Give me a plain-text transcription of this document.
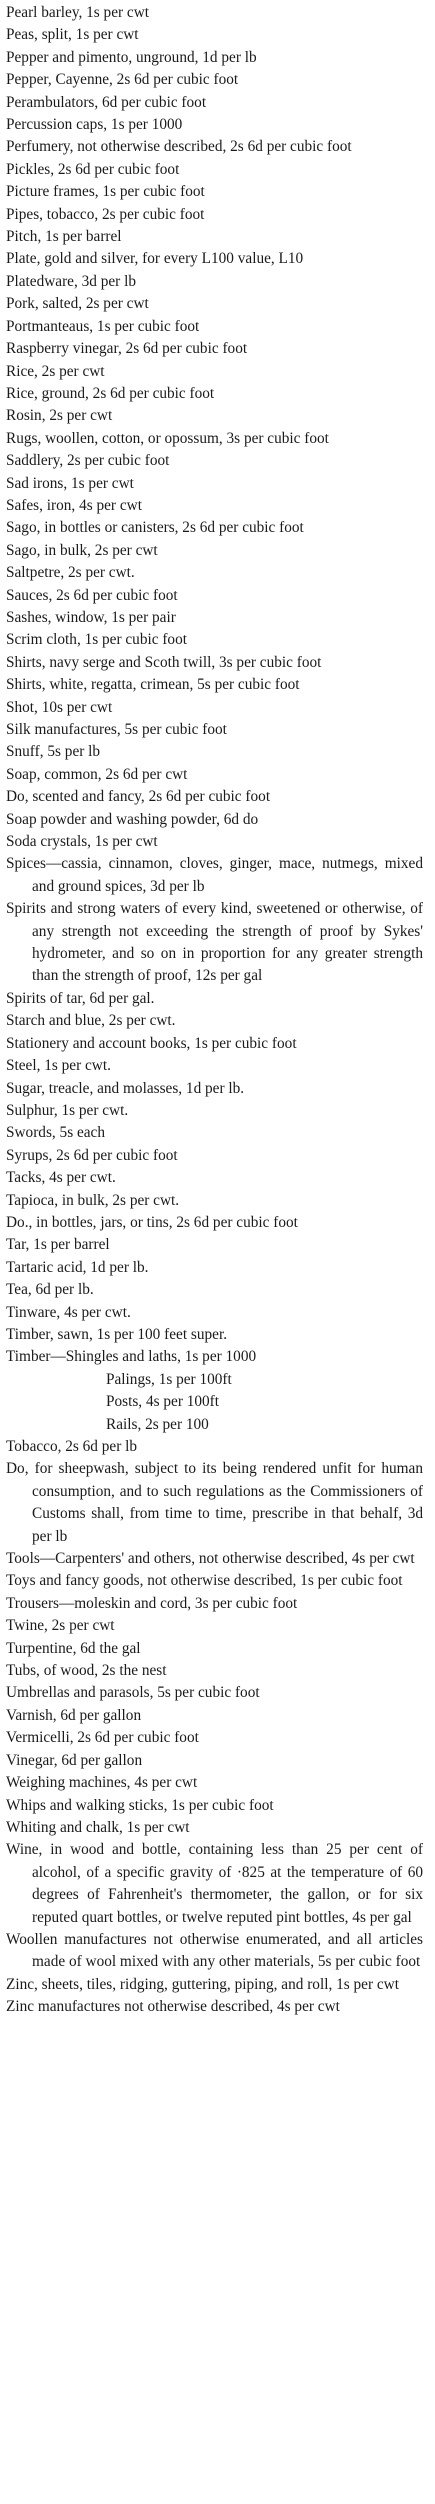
Pearl barley, 1s per cwt

Peas, split, 1s per cwt

Pepper and pimento, unground, 1d per lb

Pepper, Cayenne, 2s 6d per cubic foot

Perambulators, 6d per cubic foot

Percussion caps, 1s per 1000

Perfumery, not otherwise described, 2s 6d per cubic foot

Pickles, 2s 6d per cubic foot

Picture frames, 1s per cubic foot

Pipes, tobacco, 2s per cubic foot

Pitch, 1s per barrel

Plate, gold and silver, for every L100 value, L10

Platedware, 3d per lb

Pork, salted, 2s per cwt

Portmanteaus, 1s per cubic foot

Raspberry vinegar, 2s 6d per cubic foot

Rice, 2s per cwt

Rice, ground, 2s 6d per cubic foot

Rosin, 2s per cwt

Rugs, woollen, cotton, or opossum, 3s per cubic foot

Saddlery, 2s per cubic foot

Sad irons, 1s per cwt

Safes, iron, 4s per cwt

Sago, in bottles or canisters, 2s 6d per cubic foot

Sago, in bulk, 2s per cwt

Saltpetre, 2s per cwt.

Sauces, 2s 6d per cubic foot

Sashes, window, 1s per pair

Scrim cloth, 1s per cubic foot

Shirts, navy serge and Scoth twill, 3s per cubic foot

Shirts, white, regatta, crimean, 5s per cubic foot

Shot, 10s per cwt

Silk manufactures, 5s per cubic foot

Snuff, 5s per lb

Soap, common, 2s 6d per cwt

Do, scented and fancy, 2s 6d per cubic foot

Soap powder and washing powder, 6d do

Soda crystals, 1s per cwt

Spices—cassia, cinnamon, cloves, ginger, mace, nutmegs, mixed and ground spices, 3d per lb

Spirits and strong waters of every kind, sweetened or otherwise, of any strength not exceeding the strength of proof by Sykes' hydrometer, and so on in proportion for any greater strength than the strength of proof, 12s per gal

Spirits of tar, 6d per gal.

Starch and blue, 2s per cwt.

Stationery and account books, 1s per cubic foot

Steel, 1s per cwt.

Sugar, treacle, and molasses, 1d per lb.

Sulphur, 1s per cwt.

Swords, 5s each

Syrups, 2s 6d per cubic foot

Tacks, 4s per cwt.

Tapioca, in bulk, 2s per cwt.

Do., in bottles, jars, or tins, 2s 6d per cubic foot

Tar, 1s per barrel

Tartaric acid, 1d per lb.

Tea, 6d per lb.

Tinware, 4s per cwt.

Timber, sawn, 1s per 100 feet super.

Timber—Shingles and laths, 1s per 1000

Palings, 1s per 100ft

Posts, 4s per 100ft

Rails, 2s per 100

Tobacco, 2s 6d per lb

Do, for sheepwash, subject to its being rendered unfit for human consumption, and to such regulations as the Commissioners of Customs shall, from time to time, prescribe in that behalf, 3d per lb

Tools—Carpenters' and others, not otherwise described, 4s per cwt

Toys and fancy goods, not otherwise described, 1s per cubic foot

Trousers—moleskin and cord, 3s per cubic foot

Twine, 2s per cwt

Turpentine, 6d the gal

Tubs, of wood, 2s the nest

Umbrellas and parasols, 5s per cubic foot

Varnish, 6d per gallon

Vermicelli, 2s 6d per cubic foot

Vinegar, 6d per gallon

Weighing machines, 4s per cwt

Whips and walking sticks, 1s per cubic foot

Whiting and chalk, 1s per cwt

Wine, in wood and bottle, containing less than 25 per cent of alcohol, of a specific gravity of ·825 at the temperature of 60 degrees of Fahrenheit's thermometer, the gallon, or for six reputed quart bottles, or twelve reputed pint bottles, 4s per gal

Woollen manufactures not otherwise enumerated, and all articles made of wool mixed with any other materials, 5s per cubic foot

Zinc, sheets, tiles, ridging, guttering, piping, and roll, 1s per cwt

Zinc manufactures not otherwise described, 4s per cwt
